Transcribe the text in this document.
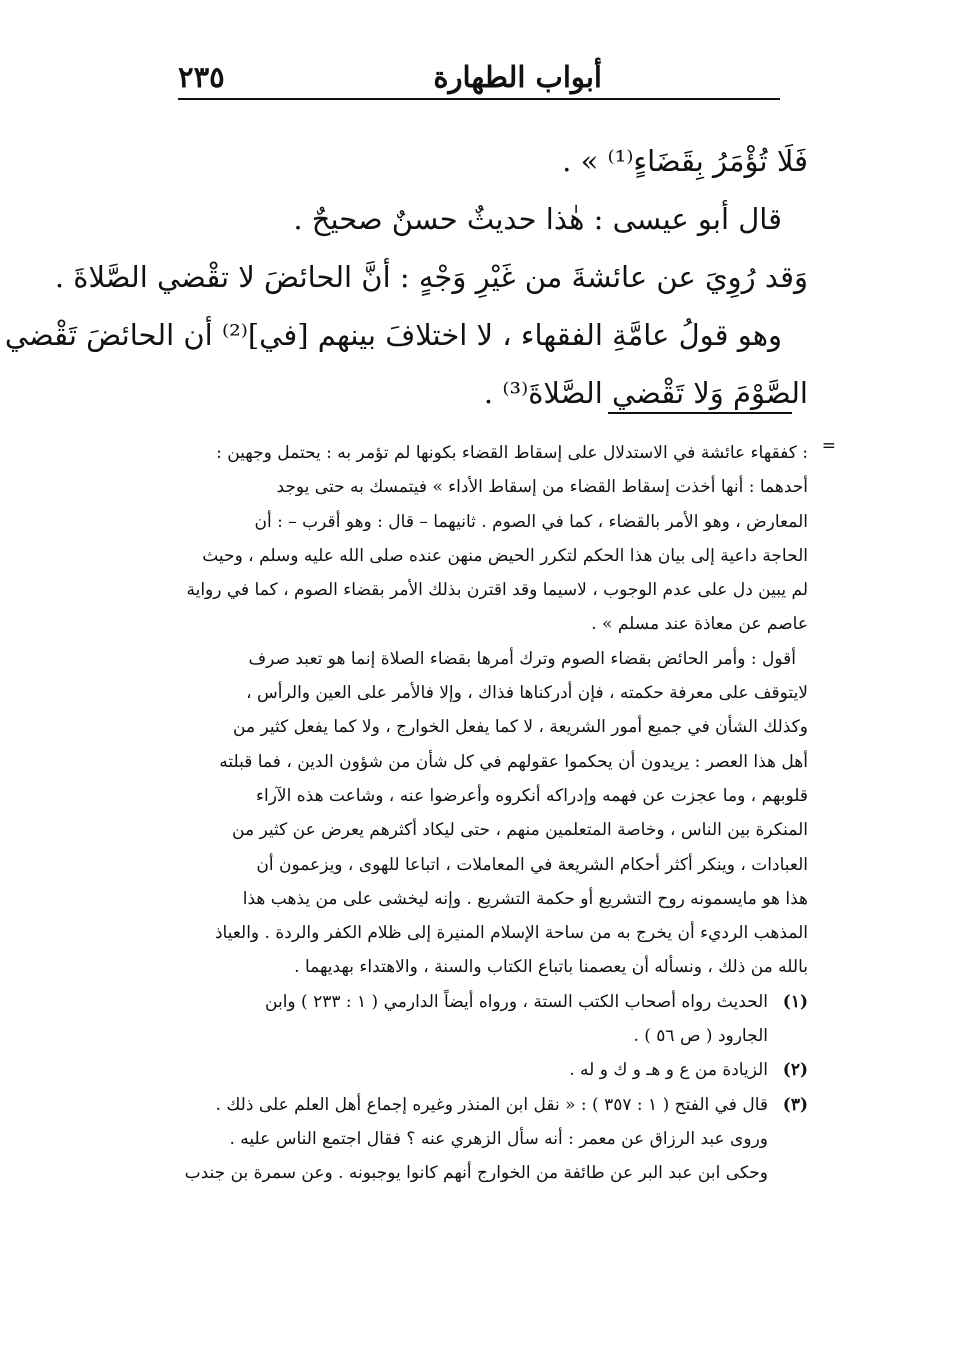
أبواب الطهارة
٢٣٥
فَلَا تُؤْمَرُ بِقَضَاءٍ⁽¹⁾ » .
قال أبو عيسى : هٰذا حديثٌ حسنٌ صحيحٌ .
وَقد رُوِيَ عن عائشةَ من غَيْرِ وَجْهٍ : أنَّ الحائضَ لا تقْضي الصَّلاةَ .
وهو قولُ عامَّةِ الفقهاء ، لا اختلافَ بينهم [في]⁽²⁾ أن الحائضَ تَقْضي
الصَّوْمَ وَلا تَقْضي الصَّلاةَ⁽³⁾ .
=
: كفقهاء عائشة في الاستدلال على إسقاط القضاء بكونها لم تؤمر به : يحتمل وجهين :
أحدهما : أنها أخذت إسقاط القضاء من إسقاط الأداء » فيتمسك به حتى يوجد
المعارض ، وهو الأمر بالقضاء ، كما في الصوم . ثانيهما – قال : وهو أقرب – : أن
الحاجة داعية إلى بيان هذا الحكم لتكرر الحيض منهن عنده صلى الله عليه وسلم ، وحيث
لم يبين دل على عدم الوجوب ، لاسيما وقد اقترن بذلك الأمر بقضاء الصوم ، كما في رواية
عاصم عن معاذة عند مسلم » .
أقول : وأمر الحائض بقضاء الصوم وترك أمرها بقضاء الصلاة إنما هو تعبد صرف
لايتوقف على معرفة حكمته ، فإن أدركناها فذاك ، وإلا فالأمر على العين والرأس ،
وكذلك الشأن في جميع أمور الشريعة ، لا كما يفعل الخوارج ، ولا كما يفعل كثير من
أهل هذا العصر : يريدون أن يحكموا عقولهم في كل شأن من شؤون الدين ، فما قبلته
قلوبهم ، وما عجزت عن فهمه وإدراكه أنكروه وأعرضوا عنه ، وشاعت هذه الآراء
المنكرة بين الناس ، وخاصة المتعلمين منهم ، حتى ليكاد أكثرهم يعرض عن كثير من
العبادات ، وينكر أكثر أحكام الشريعة في المعاملات ، اتباعا للهوى ، ويزعمون أن
هذا هو مايسمونه روح التشريع أو حكمة التشريع . وإنه ليخشى على من يذهب هذا
المذهب الرديء أن يخرج به من ساحة الإسلام المنيرة إلى ظلام الكفر والردة . والعياذ
بالله من ذلك ، ونسأله أن يعصمنا باتباع الكتاب والسنة ، والاهتداء بهديهما .
(١)الحديث رواه أصحاب الكتب الستة ، ورواه أيضاً الدارمي ( ١ : ٢٣٣ ) وابن
الجارود ( ص ٥٦ ) .
(٢)الزيادة من ع و هـ و ك و له .
(٣)قال في الفتح ( ١ : ٣٥٧ ) : « نقل ابن المنذر وغيره إجماع أهل العلم على ذلك .
وروى عبد الرزاق عن معمر : أنه سأل الزهري عنه ؟ فقال اجتمع الناس عليه .
وحكى ابن عبد البر عن طائفة من الخوارج أنهم كانوا يوجبونه . وعن سمرة بن جندب
